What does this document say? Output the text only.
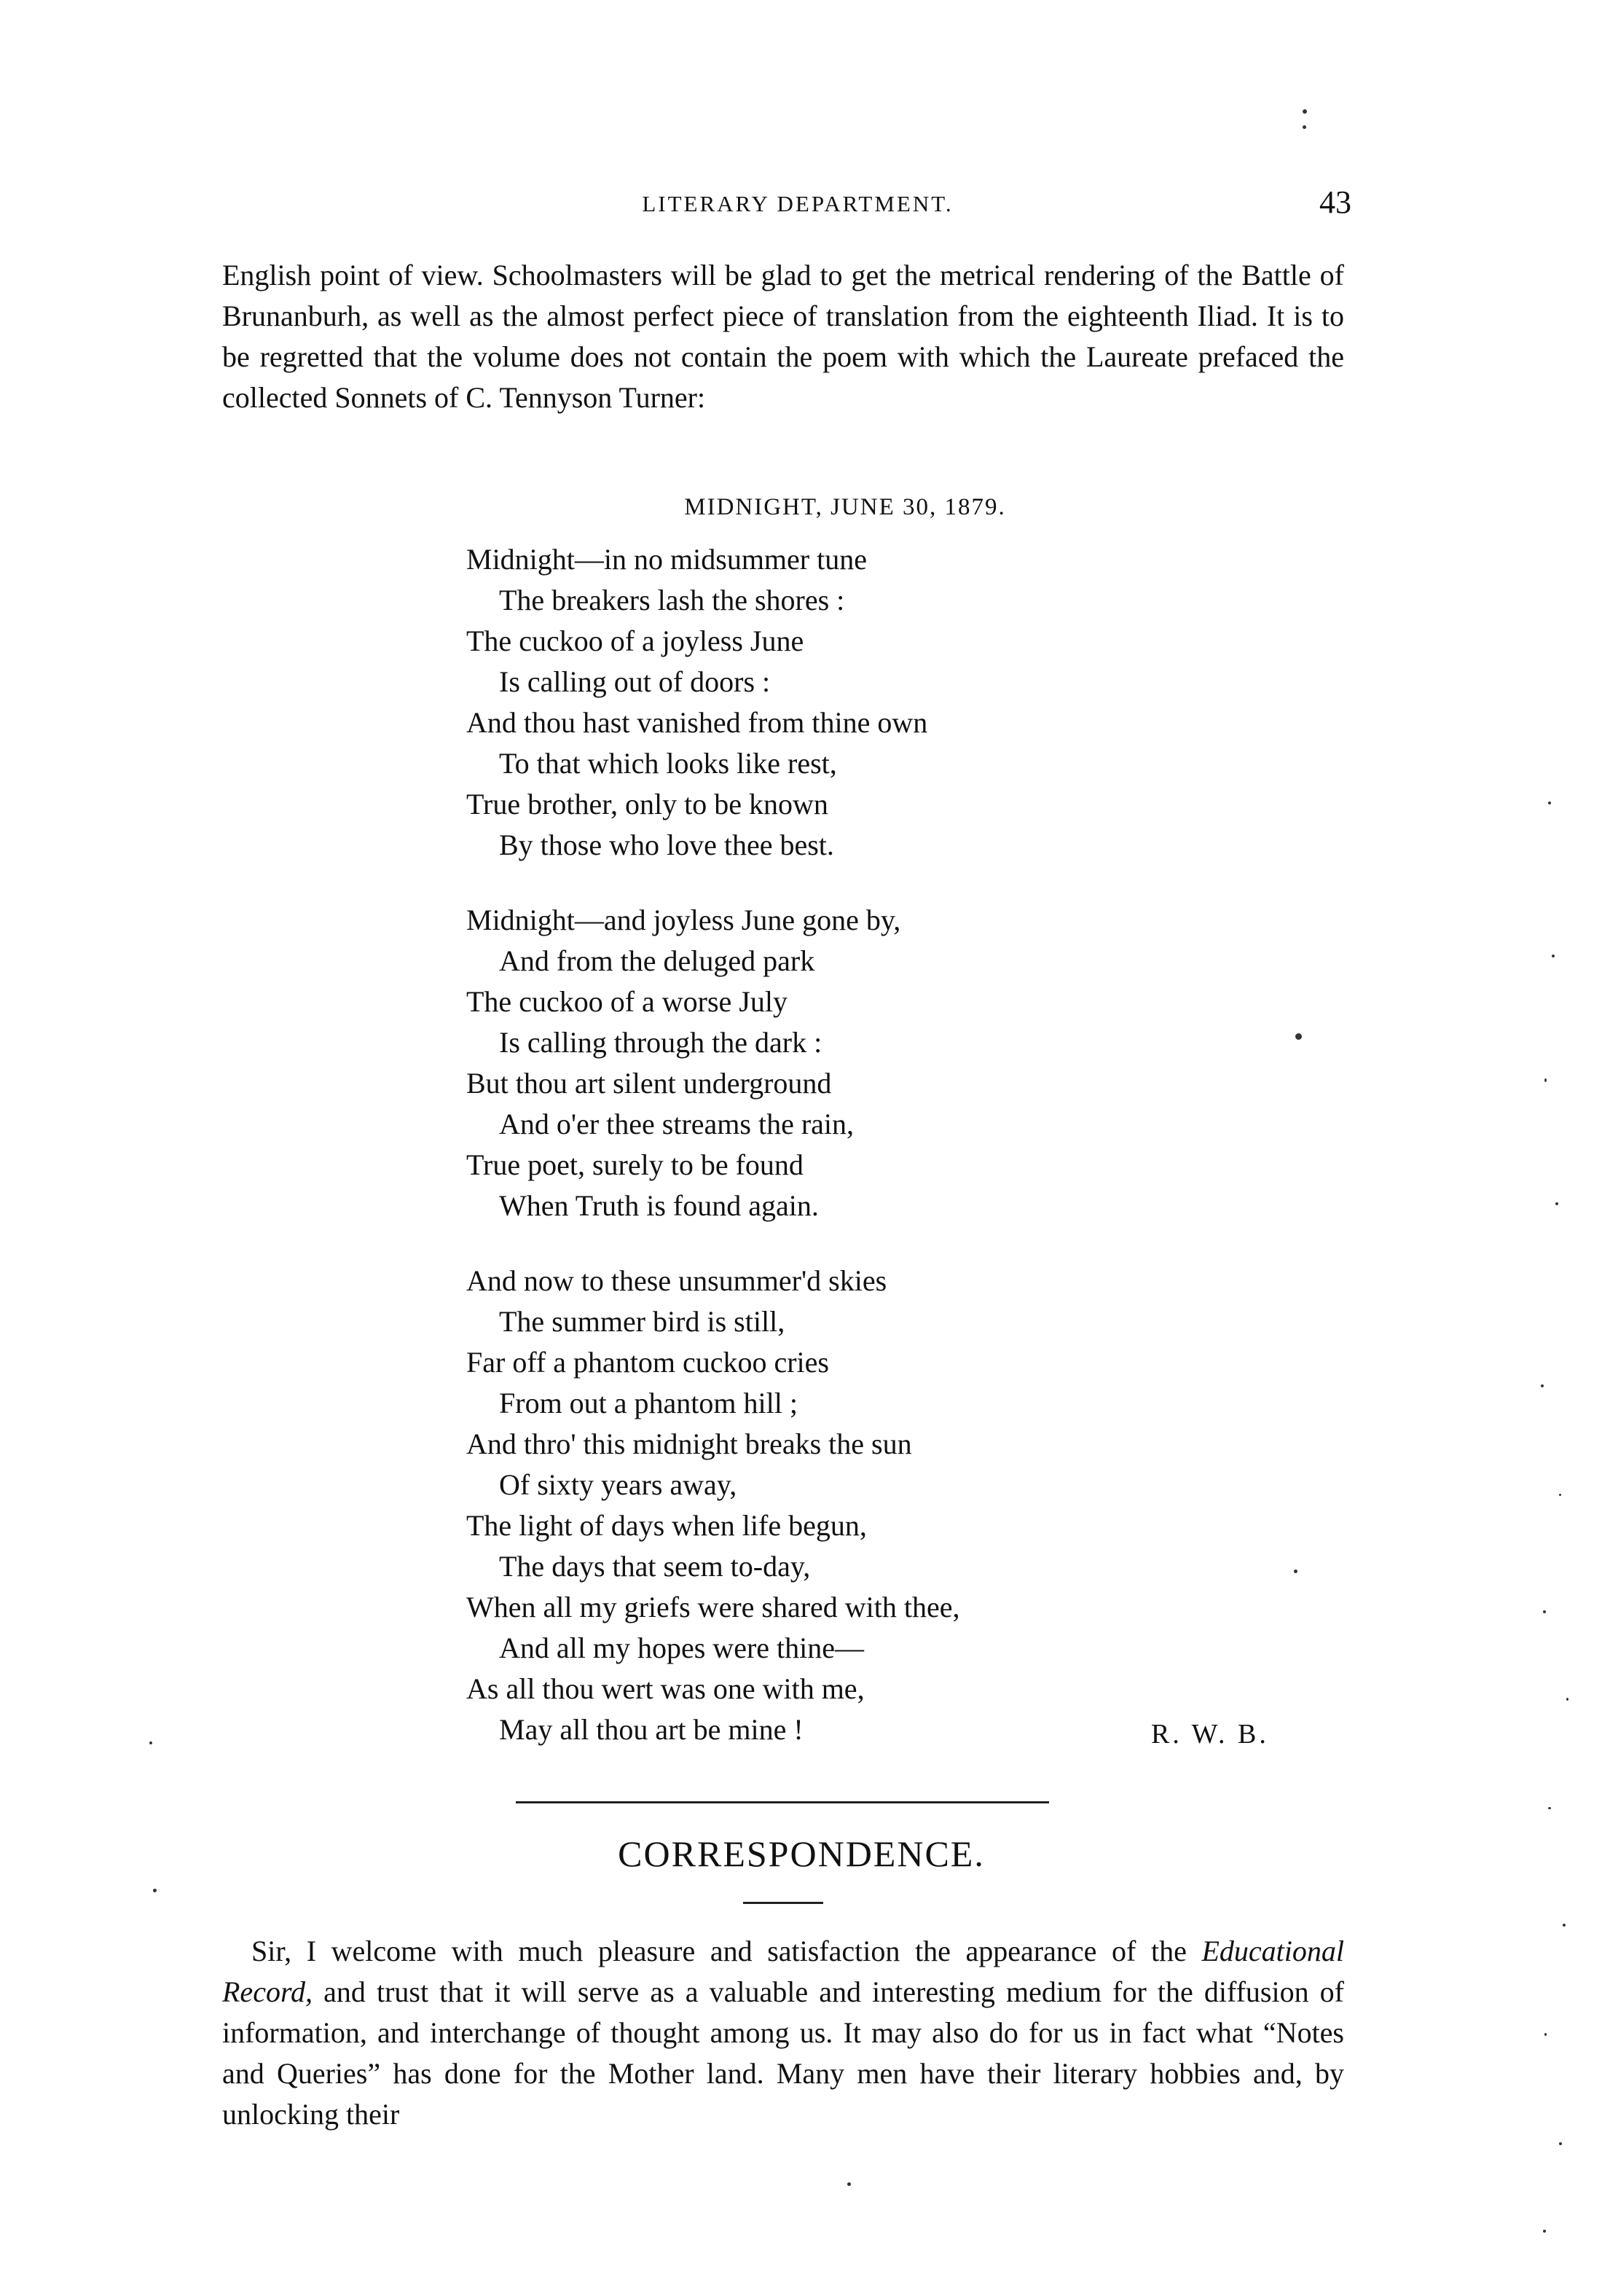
LITERARY DEPARTMENT.	43

English point of view. Schoolmasters will be glad to get the metrical rendering of the Battle of Brunanburh, as well as the almost perfect piece of translation from the eighteenth Iliad. It is to be regretted that the volume does not contain the poem with which the Laureate prefaced the collected Sonnets of C. Tennyson Turner:

MIDNIGHT, JUNE 30, 1879.
Midnight—in no midsummer tune
The breakers lash the shores :
The cuckoo of a joyless June
Is calling out of doors :
And thou hast vanished from thine own
To that which looks like rest,
True brother, only to be known
By those who love thee best.
Midnight—and joyless June gone by,
And from the deluged park
The cuckoo of a worse July
Is calling through the dark :
But thou art silent underground
And o'er thee streams the rain,
True poet, surely to be found
When Truth is found again.
And now to these unsummer'd skies
The summer bird is still,
Far off a phantom cuckoo cries
From out a phantom hill ;
And thro' this midnight breaks the sun
Of sixty years away,
The light of days when life begun,
The days that seem to-day,
When all my griefs were shared with thee,
And all my hopes were thine—
As all thou wert was one with me,
May all thou art be mine !	R. W. B.
CORRESPONDENCE.

Sir, I welcome with much pleasure and satisfaction the appearance of the Educational Record, and trust that it will serve as a valuable and interesting medium for the diffusion of information, and interchange of thought among us. It may also do for us in fact what “Notes and Queries” has done for the Mother land. Many men have their literary hobbies and, by unlocking their
